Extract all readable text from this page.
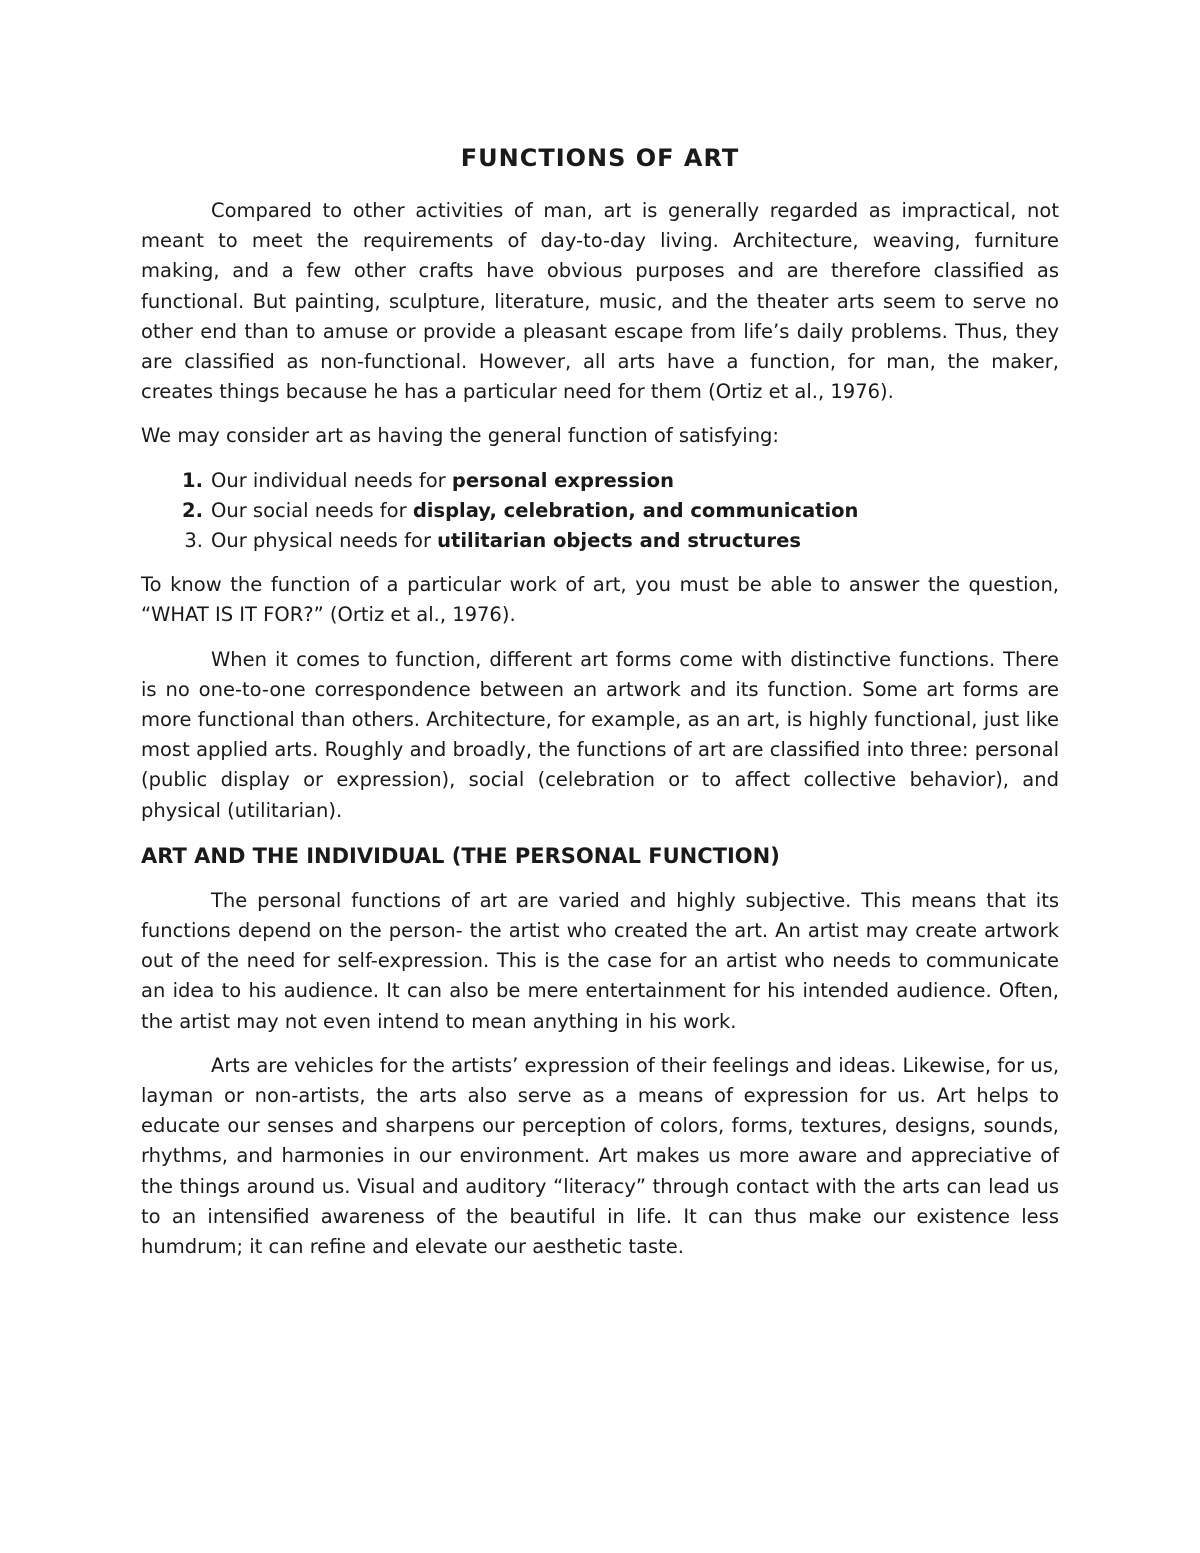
FUNCTIONS OF ART

Compared to other activities of man, art is generally regarded as impractical, not meant to meet the requirements of day-to-day living. Architecture, weaving, furniture making, and a few other crafts have obvious purposes and are therefore classified as functional. But painting, sculpture, literature, music, and the theater arts seem to serve no other end than to amuse or provide a pleasant escape from life’s daily problems. Thus, they are classified as non-functional. However, all arts have a function, for man, the maker, creates things because he has a particular need for them (Ortiz et al., 1976).

We may consider art as having the general function of satisfying:

1. Our individual needs for personal expression
2. Our social needs for display, celebration, and communication
3. Our physical needs for utilitarian objects and structures

To know the function of a particular work of art, you must be able to answer the question, “WHAT IS IT FOR?” (Ortiz et al., 1976).

When it comes to function, different art forms come with distinctive functions. There is no one-to-one correspondence between an artwork and its function. Some art forms are more functional than others. Architecture, for example, as an art, is highly functional, just like most applied arts. Roughly and broadly, the functions of art are classified into three: personal (public display or expression), social (celebration or to affect collective behavior), and physical (utilitarian).

ART AND THE INDIVIDUAL (THE PERSONAL FUNCTION)

The personal functions of art are varied and highly subjective. This means that its functions depend on the person- the artist who created the art. An artist may create artwork out of the need for self-expression. This is the case for an artist who needs to communicate an idea to his audience. It can also be mere entertainment for his intended audience. Often, the artist may not even intend to mean anything in his work.

Arts are vehicles for the artists’ expression of their feelings and ideas. Likewise, for us, layman or non-artists, the arts also serve as a means of expression for us. Art helps to educate our senses and sharpens our perception of colors, forms, textures, designs, sounds, rhythms, and harmonies in our environment. Art makes us more aware and appreciative of the things around us. Visual and auditory “literacy” through contact with the arts can lead us to an intensified awareness of the beautiful in life. It can thus make our existence less humdrum; it can refine and elevate our aesthetic taste.
